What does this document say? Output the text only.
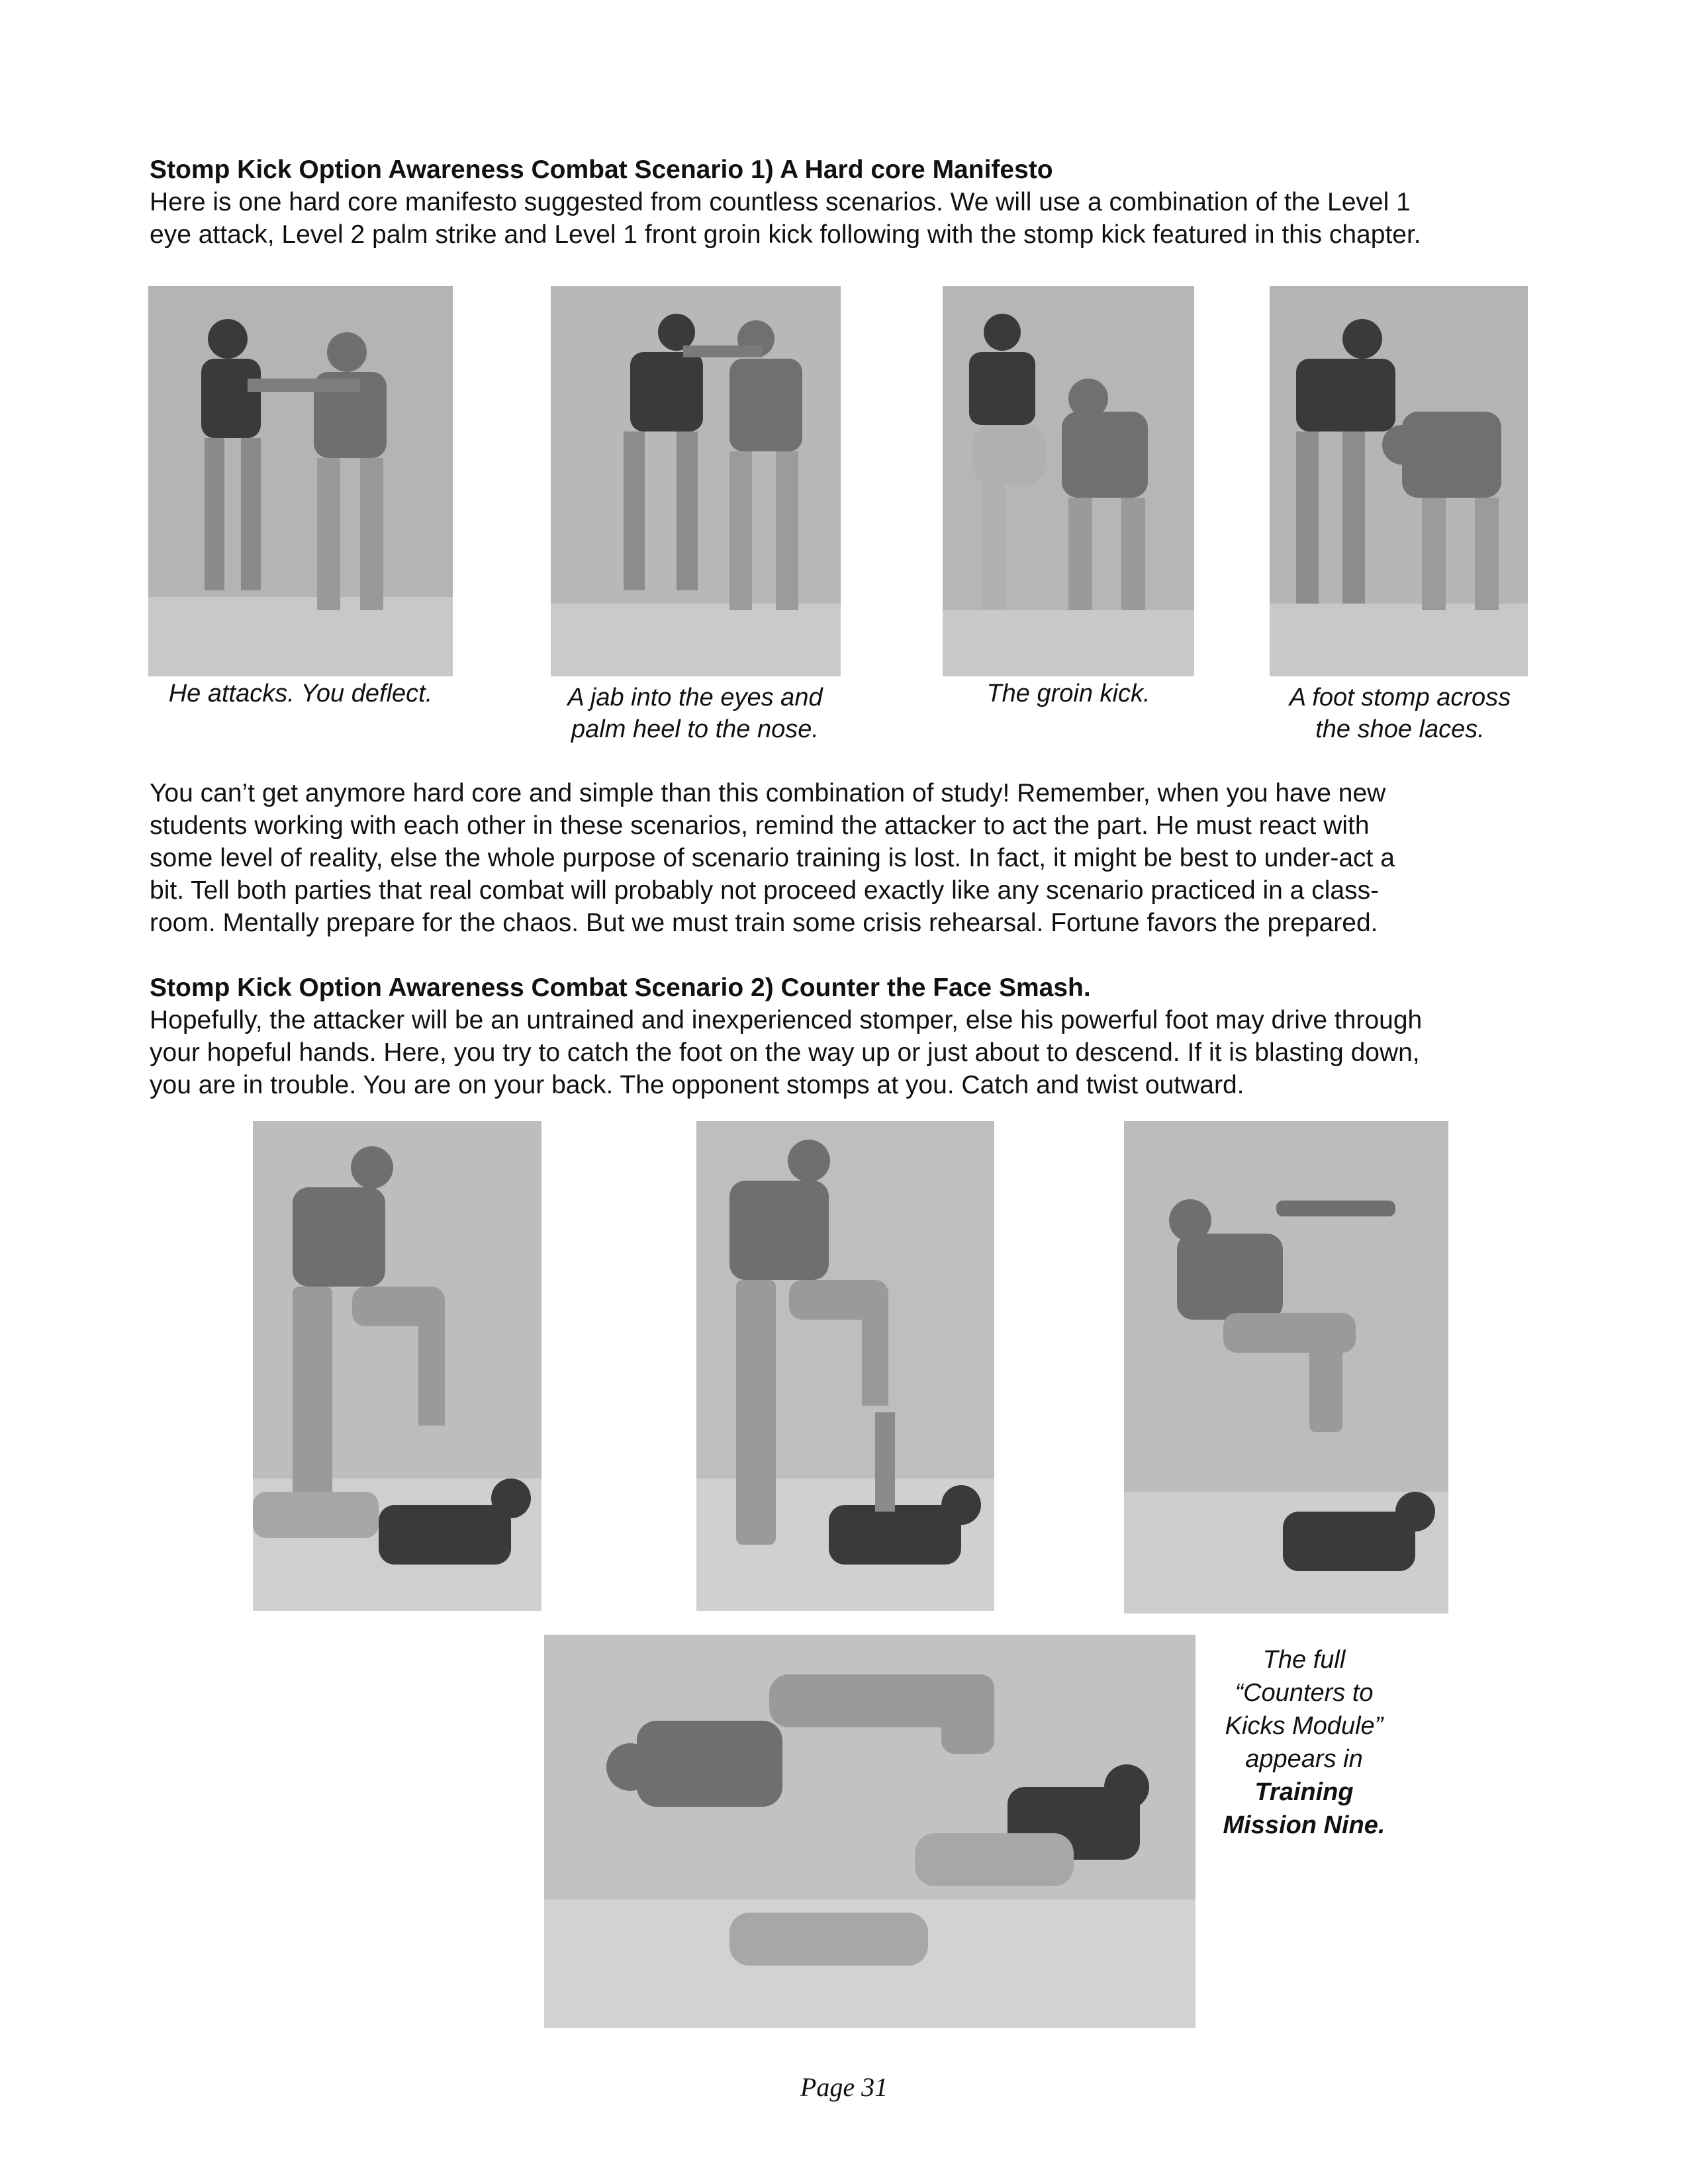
Stomp Kick Option Awareness Combat Scenario 1) A Hard core Manifesto
Here is one hard core manifesto suggested from countless scenarios. We will use a combination of the Level 1
eye attack, Level 2 palm strike and Level 1 front groin kick following with the stomp kick featured in this chapter.
He attacks. You deflect.	A jab into the eyes and
palm heel to the nose.
The groin kick.	A foot stomp across
the shoe laces.
You can’t get anymore hard core and simple than this combination of study! Remember, when you have new
students working with each other in these scenarios, remind the attacker to act the part. He must react with
some level of reality, else the whole purpose of scenario training is lost. In fact, it might be best to under-act a
bit. Tell both parties that real combat will probably not proceed exactly like any scenario practiced in a class-
room. Mentally prepare for the chaos. But we must train some crisis rehearsal. Fortune favors the prepared.
Stomp Kick Option Awareness Combat Scenario 2) Counter the Face Smash.
Hopefully, the attacker will be an untrained and inexperienced stomper, else his powerful foot may drive through
your hopeful hands. Here, you try to catch the foot on the way up or just about to descend. If it is blasting down,
you are in trouble. You are on your back. The opponent stomps at you. Catch and twist outward.
The full
“Counters to
Kicks Module”
appears in
Training
Mission Nine.
Page 31
